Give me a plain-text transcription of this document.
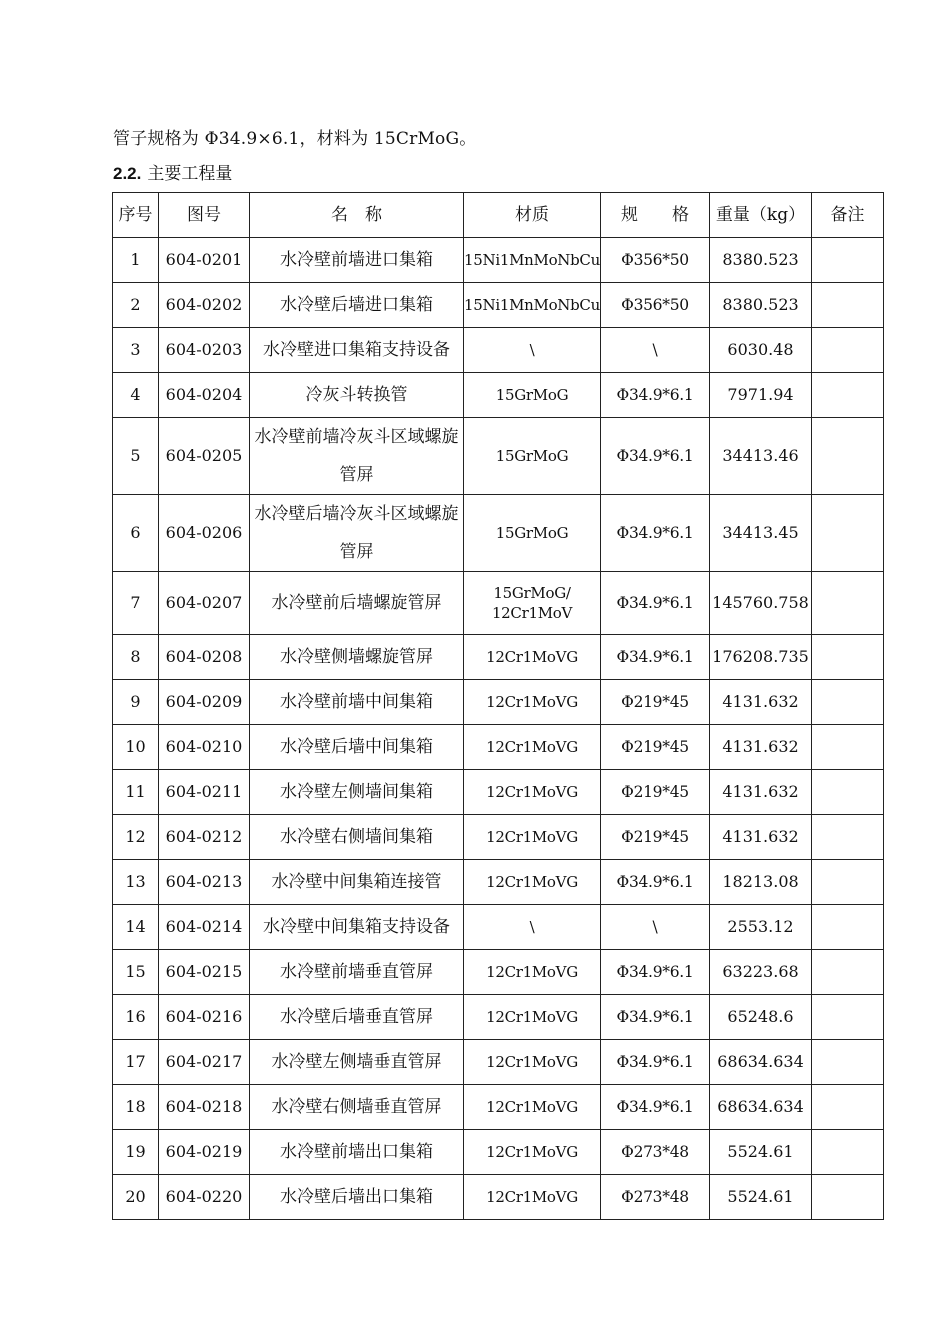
管子规格为 Φ34.9×6.1，材料为 15CrMoG。
2.2. 主要工程量
序号	图号	名　称	材质	规　　格	重量（kg）	备注
1	604-0201	水冷壁前墙进口集箱	15Ni1MnMoNbCu	Φ356*50	8380.523	
2	604-0202	水冷壁后墙进口集箱	15Ni1MnMoNbCu	Φ356*50	8380.523	
3	604-0203	水冷壁进口集箱支持设备	\	\	6030.48	
4	604-0204	冷灰斗转换管	15GrMoG	Φ34.9*6.1	7971.94	
5	604-0205	水冷壁前墙冷灰斗区域螺旋管屏	15GrMoG	Φ34.9*6.1	34413.46	
6	604-0206	水冷壁后墙冷灰斗区域螺旋管屏	15GrMoG	Φ34.9*6.1	34413.45	
7	604-0207	水冷壁前后墙螺旋管屏	15GrMoG/ 12Cr1MoV	Φ34.9*6.1	145760.758	
8	604-0208	水冷壁侧墙螺旋管屏	12Cr1MoVG	Φ34.9*6.1	176208.735	
9	604-0209	水冷壁前墙中间集箱	12Cr1MoVG	Φ219*45	4131.632	
10	604-0210	水冷壁后墙中间集箱	12Cr1MoVG	Φ219*45	4131.632	
11	604-0211	水冷壁左侧墙间集箱	12Cr1MoVG	Φ219*45	4131.632	
12	604-0212	水冷壁右侧墙间集箱	12Cr1MoVG	Φ219*45	4131.632	
13	604-0213	水冷壁中间集箱连接管	12Cr1MoVG	Φ34.9*6.1	18213.08	
14	604-0214	水冷壁中间集箱支持设备	\	\	2553.12	
15	604-0215	水冷壁前墙垂直管屏	12Cr1MoVG	Φ34.9*6.1	63223.68	
16	604-0216	水冷壁后墙垂直管屏	12Cr1MoVG	Φ34.9*6.1	65248.6	
17	604-0217	水冷壁左侧墙垂直管屏	12Cr1MoVG	Φ34.9*6.1	68634.634	
18	604-0218	水冷壁右侧墙垂直管屏	12Cr1MoVG	Φ34.9*6.1	68634.634	
19	604-0219	水冷壁前墙出口集箱	12Cr1MoVG	Φ273*48	5524.61	
20	604-0220	水冷壁后墙出口集箱	12Cr1MoVG	Φ273*48	5524.61	
